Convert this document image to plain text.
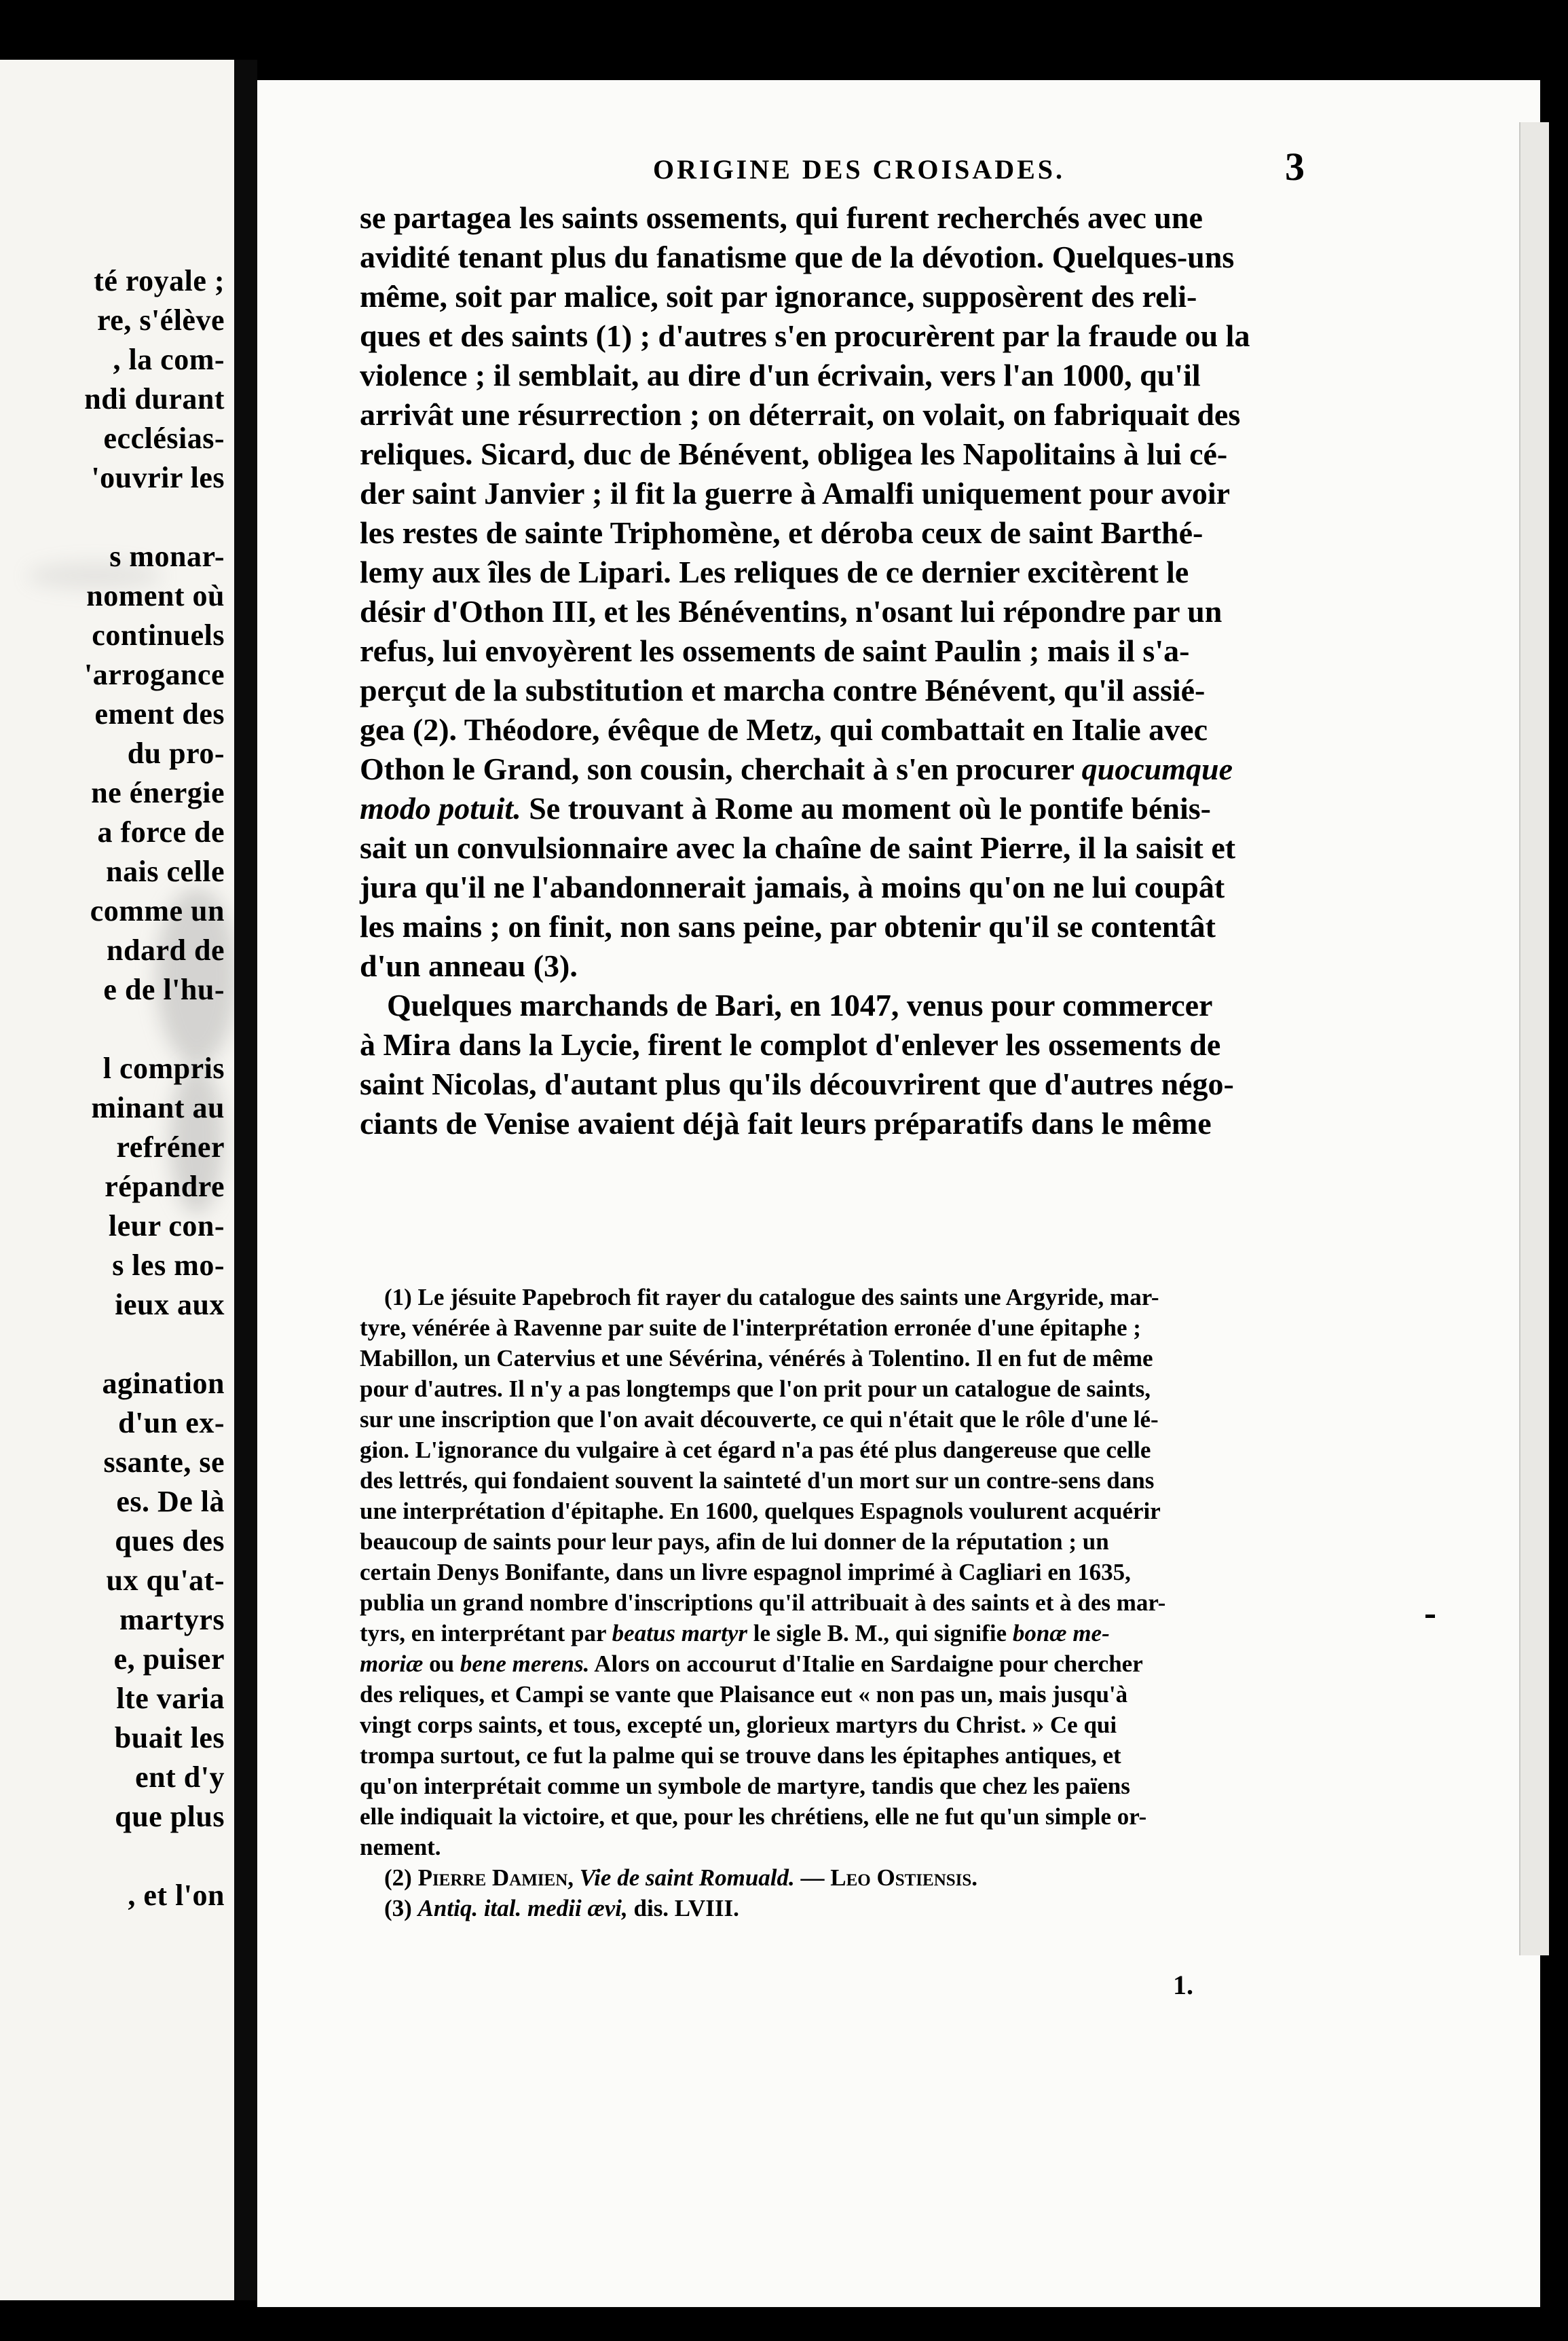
té royale ;
re, s'élève
, la com-
ndi durant
ecclésias-
'ouvrir les
s monar-
noment où
continuels
'arrogance
ement des
du pro-
ne énergie
a force de
nais celle
comme un
ndard de
e de l'hu-
l compris
minant au
refréner
répandre
leur con-
s les mo-
ieux aux
agination
d'un ex-
ssante, se
es. De là
ques des
ux qu'at-
martyrs
e, puiser
lte varia
buait les
ent d'y
que plus
, et l'on
ORIGINE DES CROISADES.	3
se partagea les saints ossements, qui furent recherchés avec une
avidité tenant plus du fanatisme que de la dévotion. Quelques-uns
même, soit par malice, soit par ignorance, supposèrent des reli-
ques et des saints (1) ; d'autres s'en procurèrent par la fraude ou la
violence ; il semblait, au dire d'un écrivain, vers l'an 1000, qu'il
arrivât une résurrection ; on déterrait, on volait, on fabriquait des
reliques. Sicard, duc de Bénévent, obligea les Napolitains à lui cé-
der saint Janvier ; il fit la guerre à Amalfi uniquement pour avoir
les restes de sainte Triphomène, et déroba ceux de saint Barthé-
lemy aux îles de Lipari. Les reliques de ce dernier excitèrent le
désir d'Othon III, et les Bénéventins, n'osant lui répondre par un
refus, lui envoyèrent les ossements de saint Paulin ; mais il s'a-
perçut de la substitution et marcha contre Bénévent, qu'il assié-
gea (2). Théodore, évêque de Metz, qui combattait en Italie avec
Othon le Grand, son cousin, cherchait à s'en procurer quocumque
modo potuit. Se trouvant à Rome au moment où le pontife bénis-
sait un convulsionnaire avec la chaîne de saint Pierre, il la saisit et
jura qu'il ne l'abandonnerait jamais, à moins qu'on ne lui coupât
les mains ; on finit, non sans peine, par obtenir qu'il se contentât
d'un anneau (3).
Quelques marchands de Bari, en 1047, venus pour commercer
à Mira dans la Lycie, firent le complot d'enlever les ossements de
saint Nicolas, d'autant plus qu'ils découvrirent que d'autres négo-
ciants de Venise avaient déjà fait leurs préparatifs dans le même
(1) Le jésuite Papebroch fit rayer du catalogue des saints une Argyride, mar-
tyre, vénérée à Ravenne par suite de l'interprétation erronée d'une épitaphe ;
Mabillon, un Catervius et une Sévérina, vénérés à Tolentino. Il en fut de même
pour d'autres. Il n'y a pas longtemps que l'on prit pour un catalogue de saints,
sur une inscription que l'on avait découverte, ce qui n'était que le rôle d'une lé-
gion. L'ignorance du vulgaire à cet égard n'a pas été plus dangereuse que celle
des lettrés, qui fondaient souvent la sainteté d'un mort sur un contre-sens dans
une interprétation d'épitaphe. En 1600, quelques Espagnols voulurent acquérir
beaucoup de saints pour leur pays, afin de lui donner de la réputation ; un
certain Denys Bonifante, dans un livre espagnol imprimé à Cagliari en 1635,
publia un grand nombre d'inscriptions qu'il attribuait à des saints et à des mar-
tyrs, en interprétant par beatus martyr le sigle B. M., qui signifie bonæ me-
moriæ ou bene merens. Alors on accourut d'Italie en Sardaigne pour chercher
des reliques, et Campi se vante que Plaisance eut « non pas un, mais jusqu'à
vingt corps saints, et tous, excepté un, glorieux martyrs du Christ. » Ce qui
trompa surtout, ce fut la palme qui se trouve dans les épitaphes antiques, et
qu'on interprétait comme un symbole de martyre, tandis que chez les païens
elle indiquait la victoire, et que, pour les chrétiens, elle ne fut qu'un simple or-
nement.
(2) Pierre Damien, Vie de saint Romuald. — Leo Ostiensis.
(3) Antiq. ital. medii ævi, dis. LVIII.
1.
